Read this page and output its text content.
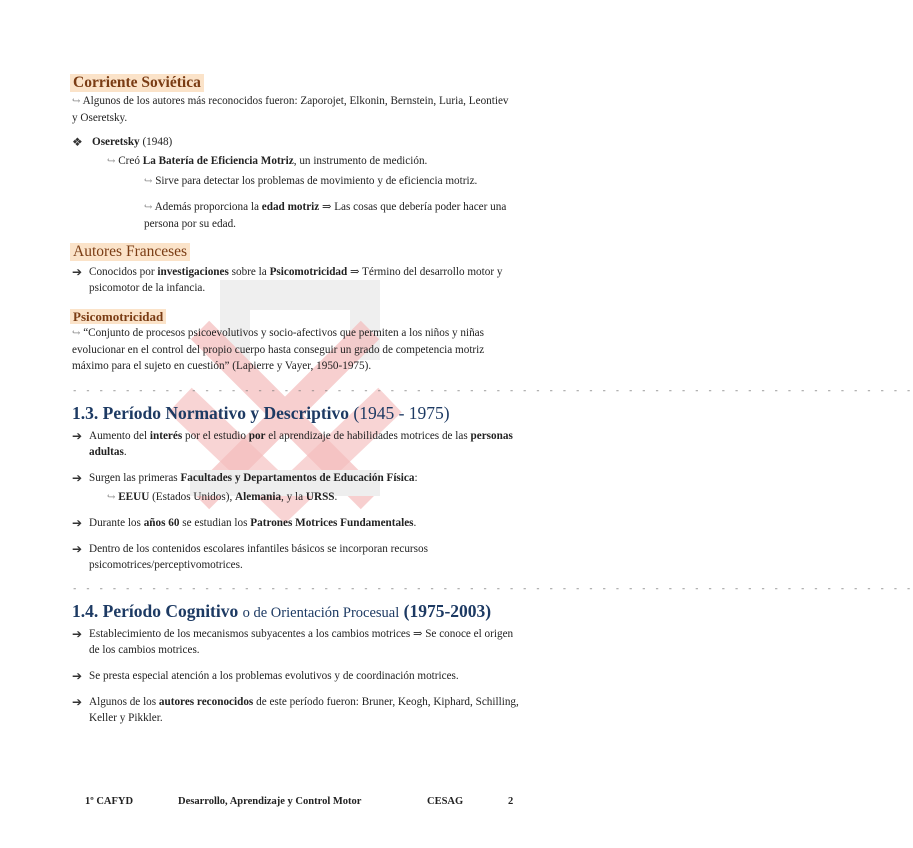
Corriente Soviética
↪ Algunos de los autores más reconocidos fueron: Zaporojet, Elkonin, Bernstein, Luria, Leontiev y Oseretsky.
❖ Oseretsky (1948)
↪ Creó La Batería de Eficiencia Motriz, un instrumento de medición.
↪ Sirve para detectar los problemas de movimiento y de eficiencia motriz.
↪ Además proporciona la edad motriz ⇒ Las cosas que debería poder hacer una persona por su edad.
Autores Franceses
➔ Conocidos por investigaciones sobre la Psicomotricidad ⇒ Término del desarrollo motor y psicomotor de la infancia.
Psicomotricidad
↪ “Conjunto de procesos psicoevolutivos y socio-afectivos que permiten a los niños y niñas evolucionar en el control del propio cuerpo hasta conseguir un grado de competencia motriz máximo para el sujeto en cuestión” (Lapierre y Vayer, 1950-1975).
- - - - - - - - - - - - - - - - - - - - - - - - - - - - - - - - - - - - - - - - - - - - - - - - - - - - - - - - - - - - - - - -
1.3. Período Normativo y Descriptivo (1945 - 1975)
➔ Aumento del interés por el estudio por el aprendizaje de habilidades motrices de las personas adultas.
➔ Surgen las primeras Facultades y Departamentos de Educación Física:
↪ EEUU (Estados Unidos), Alemania, y la URSS.
➔ Durante los años 60 se estudian los Patrones Motrices Fundamentales.
➔ Dentro de los contenidos escolares infantiles básicos se incorporan recursos psicomotrices/perceptivomotrices.
- - - - - - - - - - - - - - - - - - - - - - - - - - - - - - - - - - - - - - - - - - - - - - - - - - - - - - - - - - - - - - - -
1.4. Período Cognitivo o de Orientación Procesual (1975-2003)
➔ Establecimiento de los mecanismos subyacentes a los cambios motrices ⇒ Se conoce el origen de los cambios motrices.
➔ Se presta especial atención a los problemas evolutivos y de coordinación motrices.
➔ Algunos de los autores reconocidos de este período fueron: Bruner, Keogh, Kiphard, Schilling, Keller y Pikkler.
1º CAFYD	Desarrollo, Aprendizaje y Control Motor	CESAG	2
